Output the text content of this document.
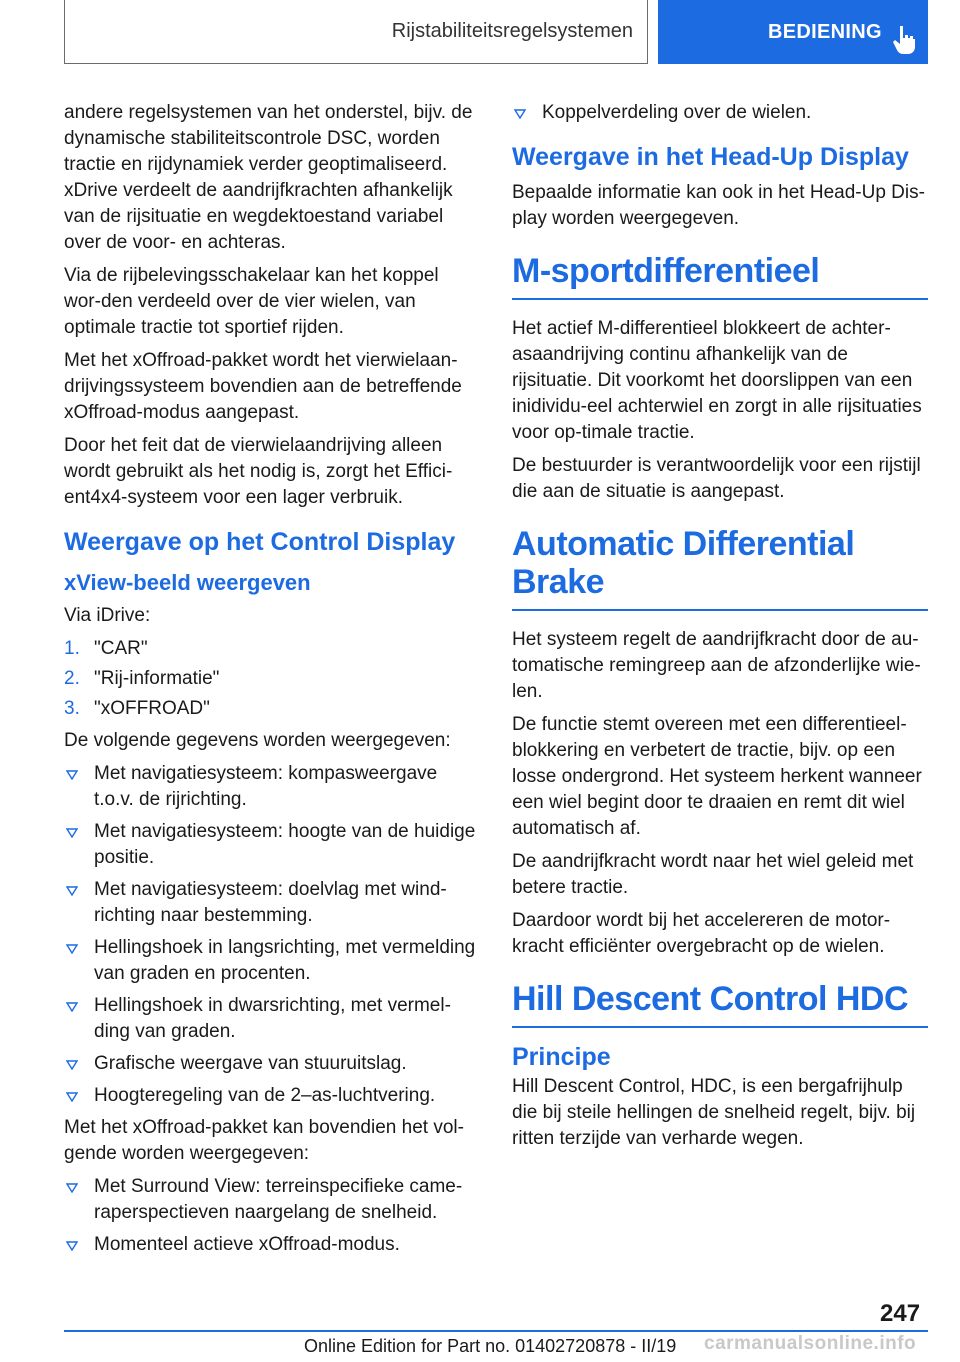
Rijstabiliteitsregelsystemen	BEDIENING

andere regelsystemen van het onderstel, bijv. de dynamische stabiliteitscontrole DSC, worden tractie en rijdynamiek verder geoptimaliseerd. xDrive verdeelt de aandrijfkrachten afhankelijk van de rijsituatie en wegdektoestand variabel over de voor- en achteras.

Via de rijbelevingsschakelaar kan het koppel wor-den verdeeld over de vier wielen, van optimale tractie tot sportief rijden.

Met het xOffroad-pakket wordt het vierwielaan-drijvingssysteem bovendien aan de betreffende xOffroad-modus aangepast.

Door het feit dat de vierwielaandrijving alleen wordt gebruikt als het nodig is, zorgt het Effici-ent4x4-systeem voor een lager verbruik.

Weergave op het Control Display
xView-beeld weergeven

Via iDrive:

1. "CAR"
2. "Rij-informatie"
3. "xOFFROAD"

De volgende gegevens worden weergegeven:

Met navigatiesysteem: kompasweergave t.o.v. de rijrichting.
Met navigatiesysteem: hoogte van de huidige positie.
Met navigatiesysteem: doelvlag met wind-richting naar bestemming.
Hellingshoek in langsrichting, met vermelding van graden en procenten.
Hellingshoek in dwarsrichting, met vermel-ding van graden.
Grafische weergave van stuuruitslag.
Hoogteregeling van de 2–as-luchtvering.

Met het xOffroad-pakket kan bovendien het vol-gende worden weergegeven:

Met Surround View: terreinspecifieke came-raperspectieven naargelang de snelheid.
Momenteel actieve xOffroad-modus.
Koppelverdeling over de wielen.
Weergave in het Head-Up Display

Bepaalde informatie kan ook in het Head-Up Dis-play worden weergegeven.

M-sportdifferentieel

Het actief M-differentieel blokkeert de achter-asaandrijving continu afhankelijk van de rijsituatie. Dit voorkomt het doorslippen van een inidividu-eel achterwiel en zorgt in alle rijsituaties voor op-timale tractie.

De bestuurder is verantwoordelijk voor een rijstijl die aan de situatie is aangepast.

Automatic Differential Brake

Het systeem regelt de aandrijfkracht door de au-tomatische remingreep aan de afzonderlijke wie-len.

De functie stemt overeen met een differentieel-blokkering en verbetert de tractie, bijv. op een losse ondergrond. Het systeem herkent wanneer een wiel begint door te draaien en remt dit wiel automatisch af.

De aandrijfkracht wordt naar het wiel geleid met betere tractie.

Daardoor wordt bij het accelereren de motor-kracht efficiënter overgebracht op de wielen.

Hill Descent Control HDC
Principe

Hill Descent Control, HDC, is een bergafrijhulp die bij steile hellingen de snelheid regelt, bijv. bij ritten terzijde van verharde wegen.

247
Online Edition for Part no. 01402720878 - II/19 carmanualsonline.info
